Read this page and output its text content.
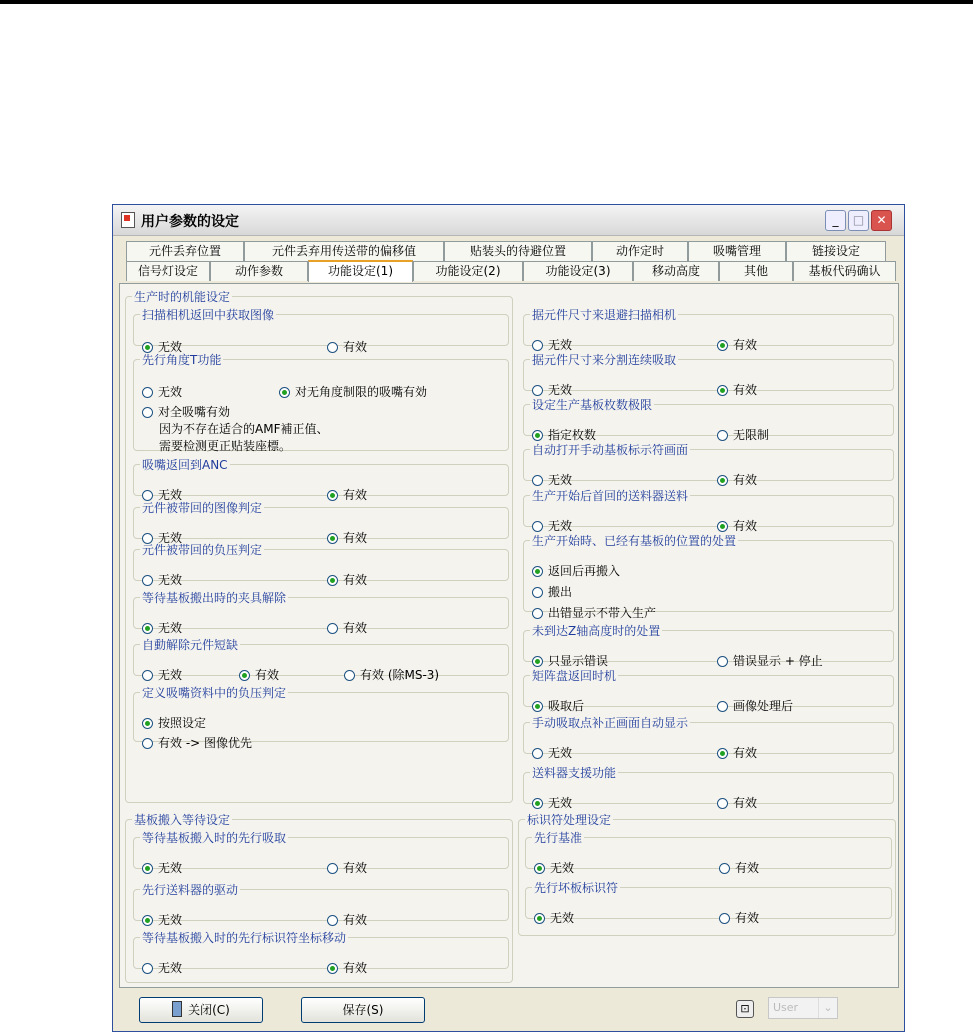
用户参数的设定	_	□	✕
元件丢弃位置	元件丢弃用传送带的偏移值	贴装头的待避位置	动作定时	吸嘴管理	链接设定
信号灯设定	动作参数	功能设定(1)	功能设定(2)	功能设定(3)	移动高度	其他	基板代码确认
生产时的机能设定
扫描相机返回中获取图像
无效	有效
先行角度T功能
无效	对无角度制限的吸嘴有効
对全吸嘴有効
因为不存在适合的AMF補正值、
需要检测更正贴装座標。
吸嘴返回到ANC
无效	有效
元件被带回的图像判定
无效	有效
元件被带回的负压判定
无效	有效
等待基板搬出時的夹具解除
无效	有效
自動解除元件短缺
无效	有效	有效 (除MS-3)
定义吸嘴资料中的负压判定
按照设定
有效 -> 图像优先
据元件尺寸来退避扫描相机
无效	有效
据元件尺寸来分割连续吸取
无效	有效
设定生产基板枚数极限
指定枚数	无限制
自动打开手动基板标示符画面
无效	有效
生产开始后首回的送料器送料
无效	有效
生产开始時、已经有基板的位置的处置
返回后再搬入
搬出
出错显示不带入生产
未到达Z轴高度时的处置
只显示错误	错误显示 + 停止
矩阵盘返回时机
吸取后	画像处理后
手动吸取点补正画面自动显示
无效	有效
送料器支援功能
无效	有效
基板搬入等待设定
等待基板搬入时的先行吸取
无效	有效
先行送料器的驱动
无效	有效
等待基板搬入时的先行标识符坐标移动
无效	有效
标识符处理设定
先行基准
无效	有效
先行坏板标识符
无效	有效
关闭(C)	保存(S)	⊡	User	⌄
